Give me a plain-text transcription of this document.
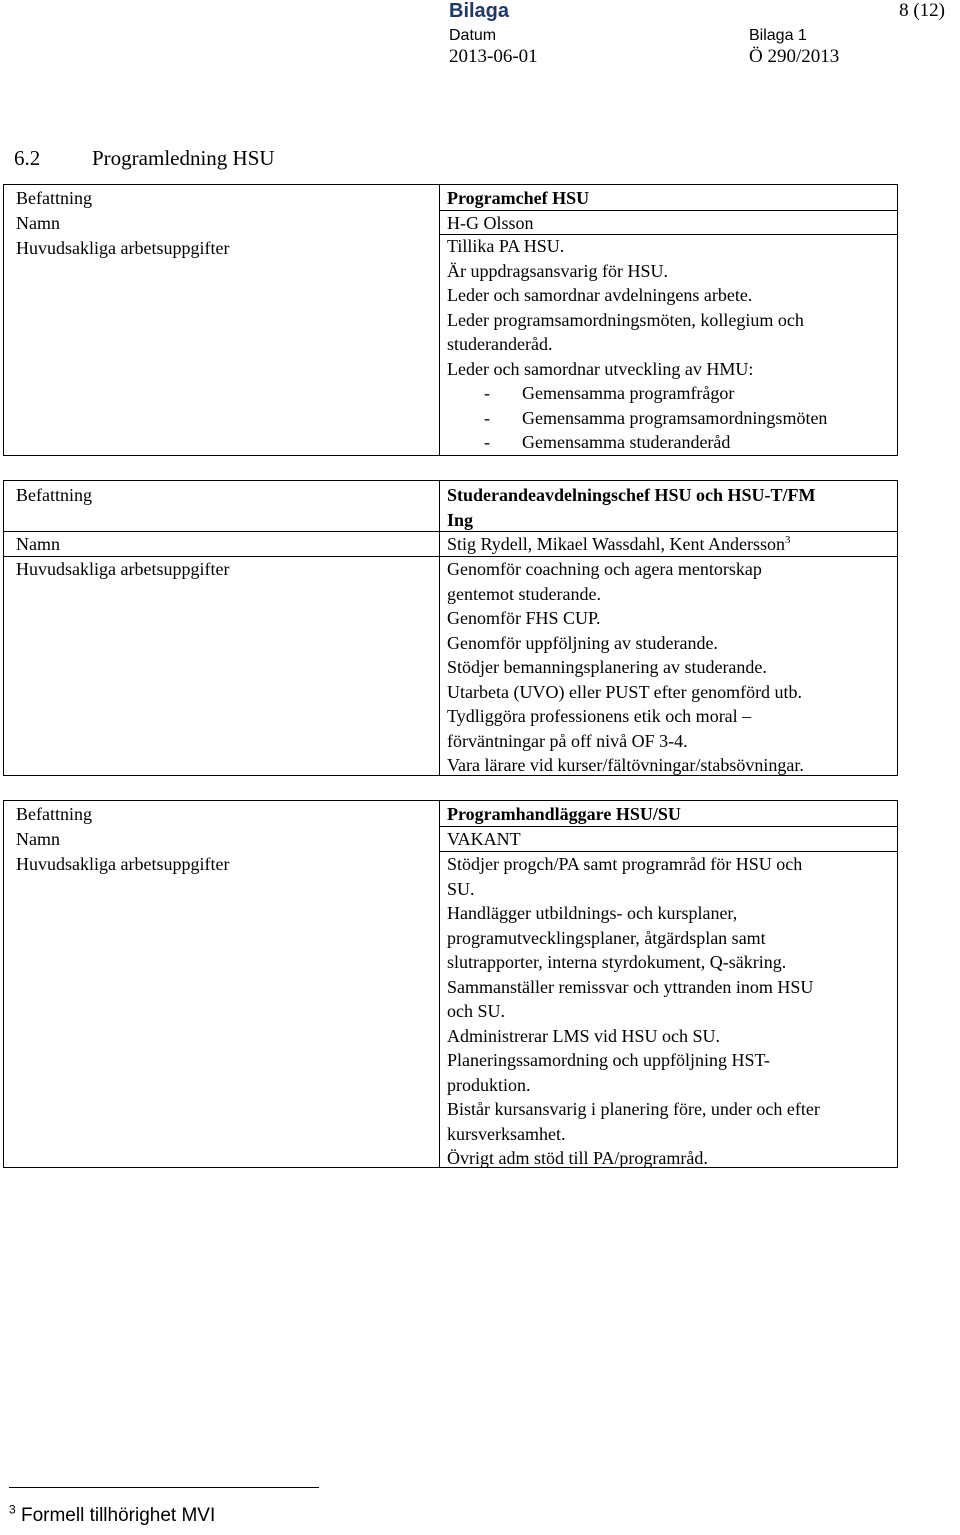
Bilaga	8 (12)
Datum
2013-06-01
Bilaga 1
Ö 290/2013
6.2 Programledning HSU
Befattning
Namn
Huvudsakliga arbetsuppgifter
Programchef HSU
H-G Olsson
Tillika PA HSU.
Är uppdragsansvarig för HSU.
Leder och samordnar avdelningens arbete.
Leder programsamordningsmöten, kollegium och
studeranderåd.
Leder och samordnar utveckling av HMU:
- Gemensamma programfrågor
- Gemensamma programsamordningsmöten
- Gemensamma studeranderåd
Befattning
Namn
Huvudsakliga arbetsuppgifter
Studerandeavdelningschef HSU och HSU-T/FM
Ing
Stig Rydell, Mikael Wassdahl, Kent Andersson$^3$
Genomför coachning och agera mentorskap
gentemot studerande.
Genomför FHS CUP.
Genomför uppföljning av studerande.
Stödjer bemanningsplanering av studerande.
Utarbeta (UVO) eller PUST efter genomförd utb.
Tydliggöra professionens etik och moral –
förväntningar på off nivå OF 3-4.
Vara lärare vid kurser/fältövningar/stabsövningar.
Befattning
Namn
Huvudsakliga arbetsuppgifter
Programhandläggare HSU/SU
VAKANT
Stödjer progch/PA samt programråd för HSU och
SU.
Handlägger utbildnings- och kursplaner,
programutvecklingsplaner, åtgärdsplan samt
slutrapporter, interna styrdokument, Q-säkring.
Sammanställer remissvar och yttranden inom HSU
och SU.
Administrerar LMS vid HSU och SU.
Planeringssamordning och uppföljning HST-
produktion.
Bistår kursansvarig i planering före, under och efter
kursverksamhet.
Övrigt adm stöd till PA/programråd.
$^3$ Formell tillhörighet MVI
